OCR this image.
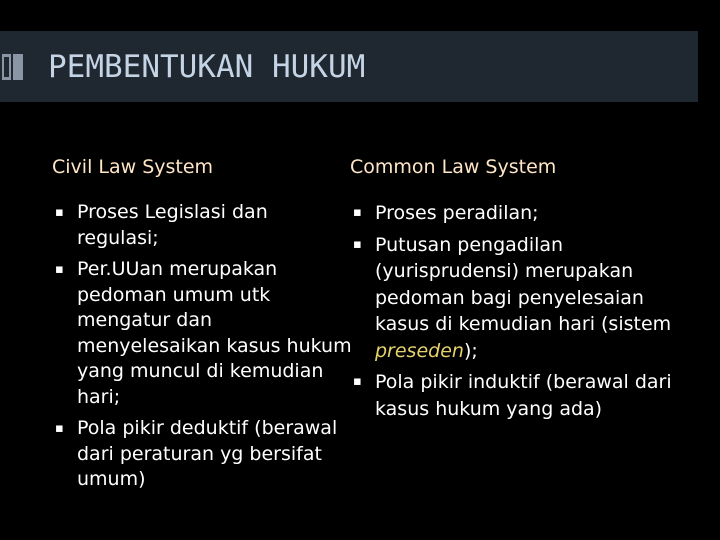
PEMBENTUKAN HUKUM
Civil Law System
▪ Proses Legislasi dan regulasi;
▪ Per.UUan merupakan pedoman umum utk mengatur dan menyelesaikan kasus hukum yang muncul di kemudian hari;
▪ Pola pikir deduktif (berawal dari peraturan yg bersifat umum)
Common Law System
▪ Proses peradilan;
▪ Putusan pengadilan (yurisprudensi) merupakan pedoman bagi penyelesaian kasus di kemudian hari (sistem preseden);
▪ Pola pikir induktif (berawal dari kasus hukum yang ada)
